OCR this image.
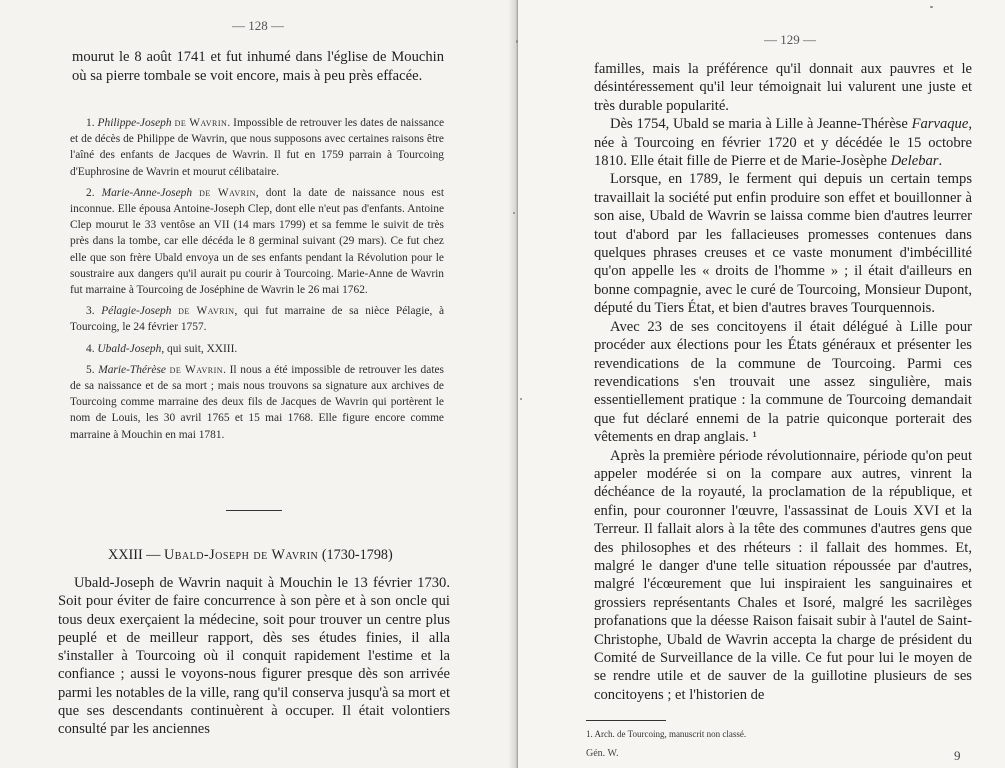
— 128 —

mourut le 8 août 1741 et fut inhumé dans l'église de Mouchin où sa pierre tombale se voit encore, mais à peu près effacée.

1. Philippe-Joseph de Wavrin. Impossible de retrouver les dates de naissance et de décès de Philippe de Wavrin, que nous supposons avec certaines raisons être l'aîné des enfants de Jacques de Wavrin. Il fut en 1759 parrain à Tourcoing d'Euphrosine de Wavrin et mourut célibataire.

2. Marie-Anne-Joseph de Wavrin, dont la date de naissance nous est inconnue. Elle épousa Antoine-Joseph Clep, dont elle n'eut pas d'enfants. Antoine Clep mourut le 33 ventôse an VII (14 mars 1799) et sa femme le suivit de très près dans la tombe, car elle décéda le 8 germinal suivant (29 mars). Ce fut chez elle que son frère Ubald envoya un de ses enfants pendant la Révolution pour le soustraire aux dangers qu'il aurait pu courir à Tourcoing. Marie-Anne de Wavrin fut marraine à Tourcoing de Joséphine de Wavrin le 26 mai 1762.

3. Pélagie-Joseph de Wavrin, qui fut marraine de sa nièce Pélagie, à Tourcoing, le 24 février 1757.

4. Ubald-Joseph, qui suit, XXIII.

5. Marie-Thérèse de Wavrin. Il nous a été impossible de retrouver les dates de sa naissance et de sa mort ; mais nous trouvons sa signature aux archives de Tourcoing comme marraine des deux fils de Jacques de Wavrin qui portèrent le nom de Louis, les 30 avril 1765 et 15 mai 1768. Elle figure encore comme marraine à Mouchin en mai 1781.

XXIII — Ubald-Joseph de Wavrin (1730-1798)

Ubald-Joseph de Wavrin naquit à Mouchin le 13 février 1730. Soit pour éviter de faire concurrence à son père et à son oncle qui tous deux exerçaient la médecine, soit pour trouver un centre plus peuplé et de meilleur rapport, dès ses études finies, il alla s'installer à Tourcoing où il conquit rapidement l'estime et la confiance ; aussi le voyons-nous figurer presque dès son arrivée parmi les notables de la ville, rang qu'il conserva jusqu'à sa mort et que ses descendants continuèrent à occuper. Il était volontiers consulté par les anciennes

— 129 —

familles, mais la préférence qu'il donnait aux pauvres et le désintéressement qu'il leur témoignait lui valurent une juste et très durable popularité.

Dès 1754, Ubald se maria à Lille à Jeanne-Thérèse Farvaque, née à Tourcoing en février 1720 et y décédée le 15 octobre 1810. Elle était fille de Pierre et de Marie-Josèphe Delebar.

Lorsque, en 1789, le ferment qui depuis un certain temps travaillait la société put enfin produire son effet et bouillonner à son aise, Ubald de Wavrin se laissa comme bien d'autres leurrer tout d'abord par les fallacieuses promesses contenues dans quelques phrases creuses et ce vaste monument d'imbécillité qu'on appelle les « droits de l'homme » ; il était d'ailleurs en bonne compagnie, avec le curé de Tourcoing, Monsieur Dupont, député du Tiers État, et bien d'autres braves Tourquennois.

Avec 23 de ses concitoyens il était délégué à Lille pour procéder aux élections pour les États généraux et présenter les revendications de la commune de Tourcoing. Parmi ces revendications s'en trouvait une assez singulière, mais essentiellement pratique : la commune de Tourcoing demandait que fut déclaré ennemi de la patrie quiconque porterait des vêtements en drap anglais. ¹

Après la première période révolutionnaire, période qu'on peut appeler modérée si on la compare aux autres, vinrent la déchéance de la royauté, la proclamation de la république, et enfin, pour couronner l'œuvre, l'assassinat de Louis XVI et la Terreur. Il fallait alors à la tête des communes d'autres gens que des philosophes et des rhéteurs : il fallait des hommes. Et, malgré le danger d'une telle situation répoussée par d'autres, malgré l'écœurement que lui inspiraient les sanguinaires et grossiers représentants Chales et Isoré, malgré les sacrilèges profanations que la déesse Raison faisait subir à l'autel de Saint-Christophe, Ubald de Wavrin accepta la charge de président du Comité de Surveillance de la ville. Ce fut pour lui le moyen de se rendre utile et de sauver de la guillotine plusieurs de ses concitoyens ; et l'historien de

1. Arch. de Tourcoing, manuscrit non classé.
Gén. W.	9
